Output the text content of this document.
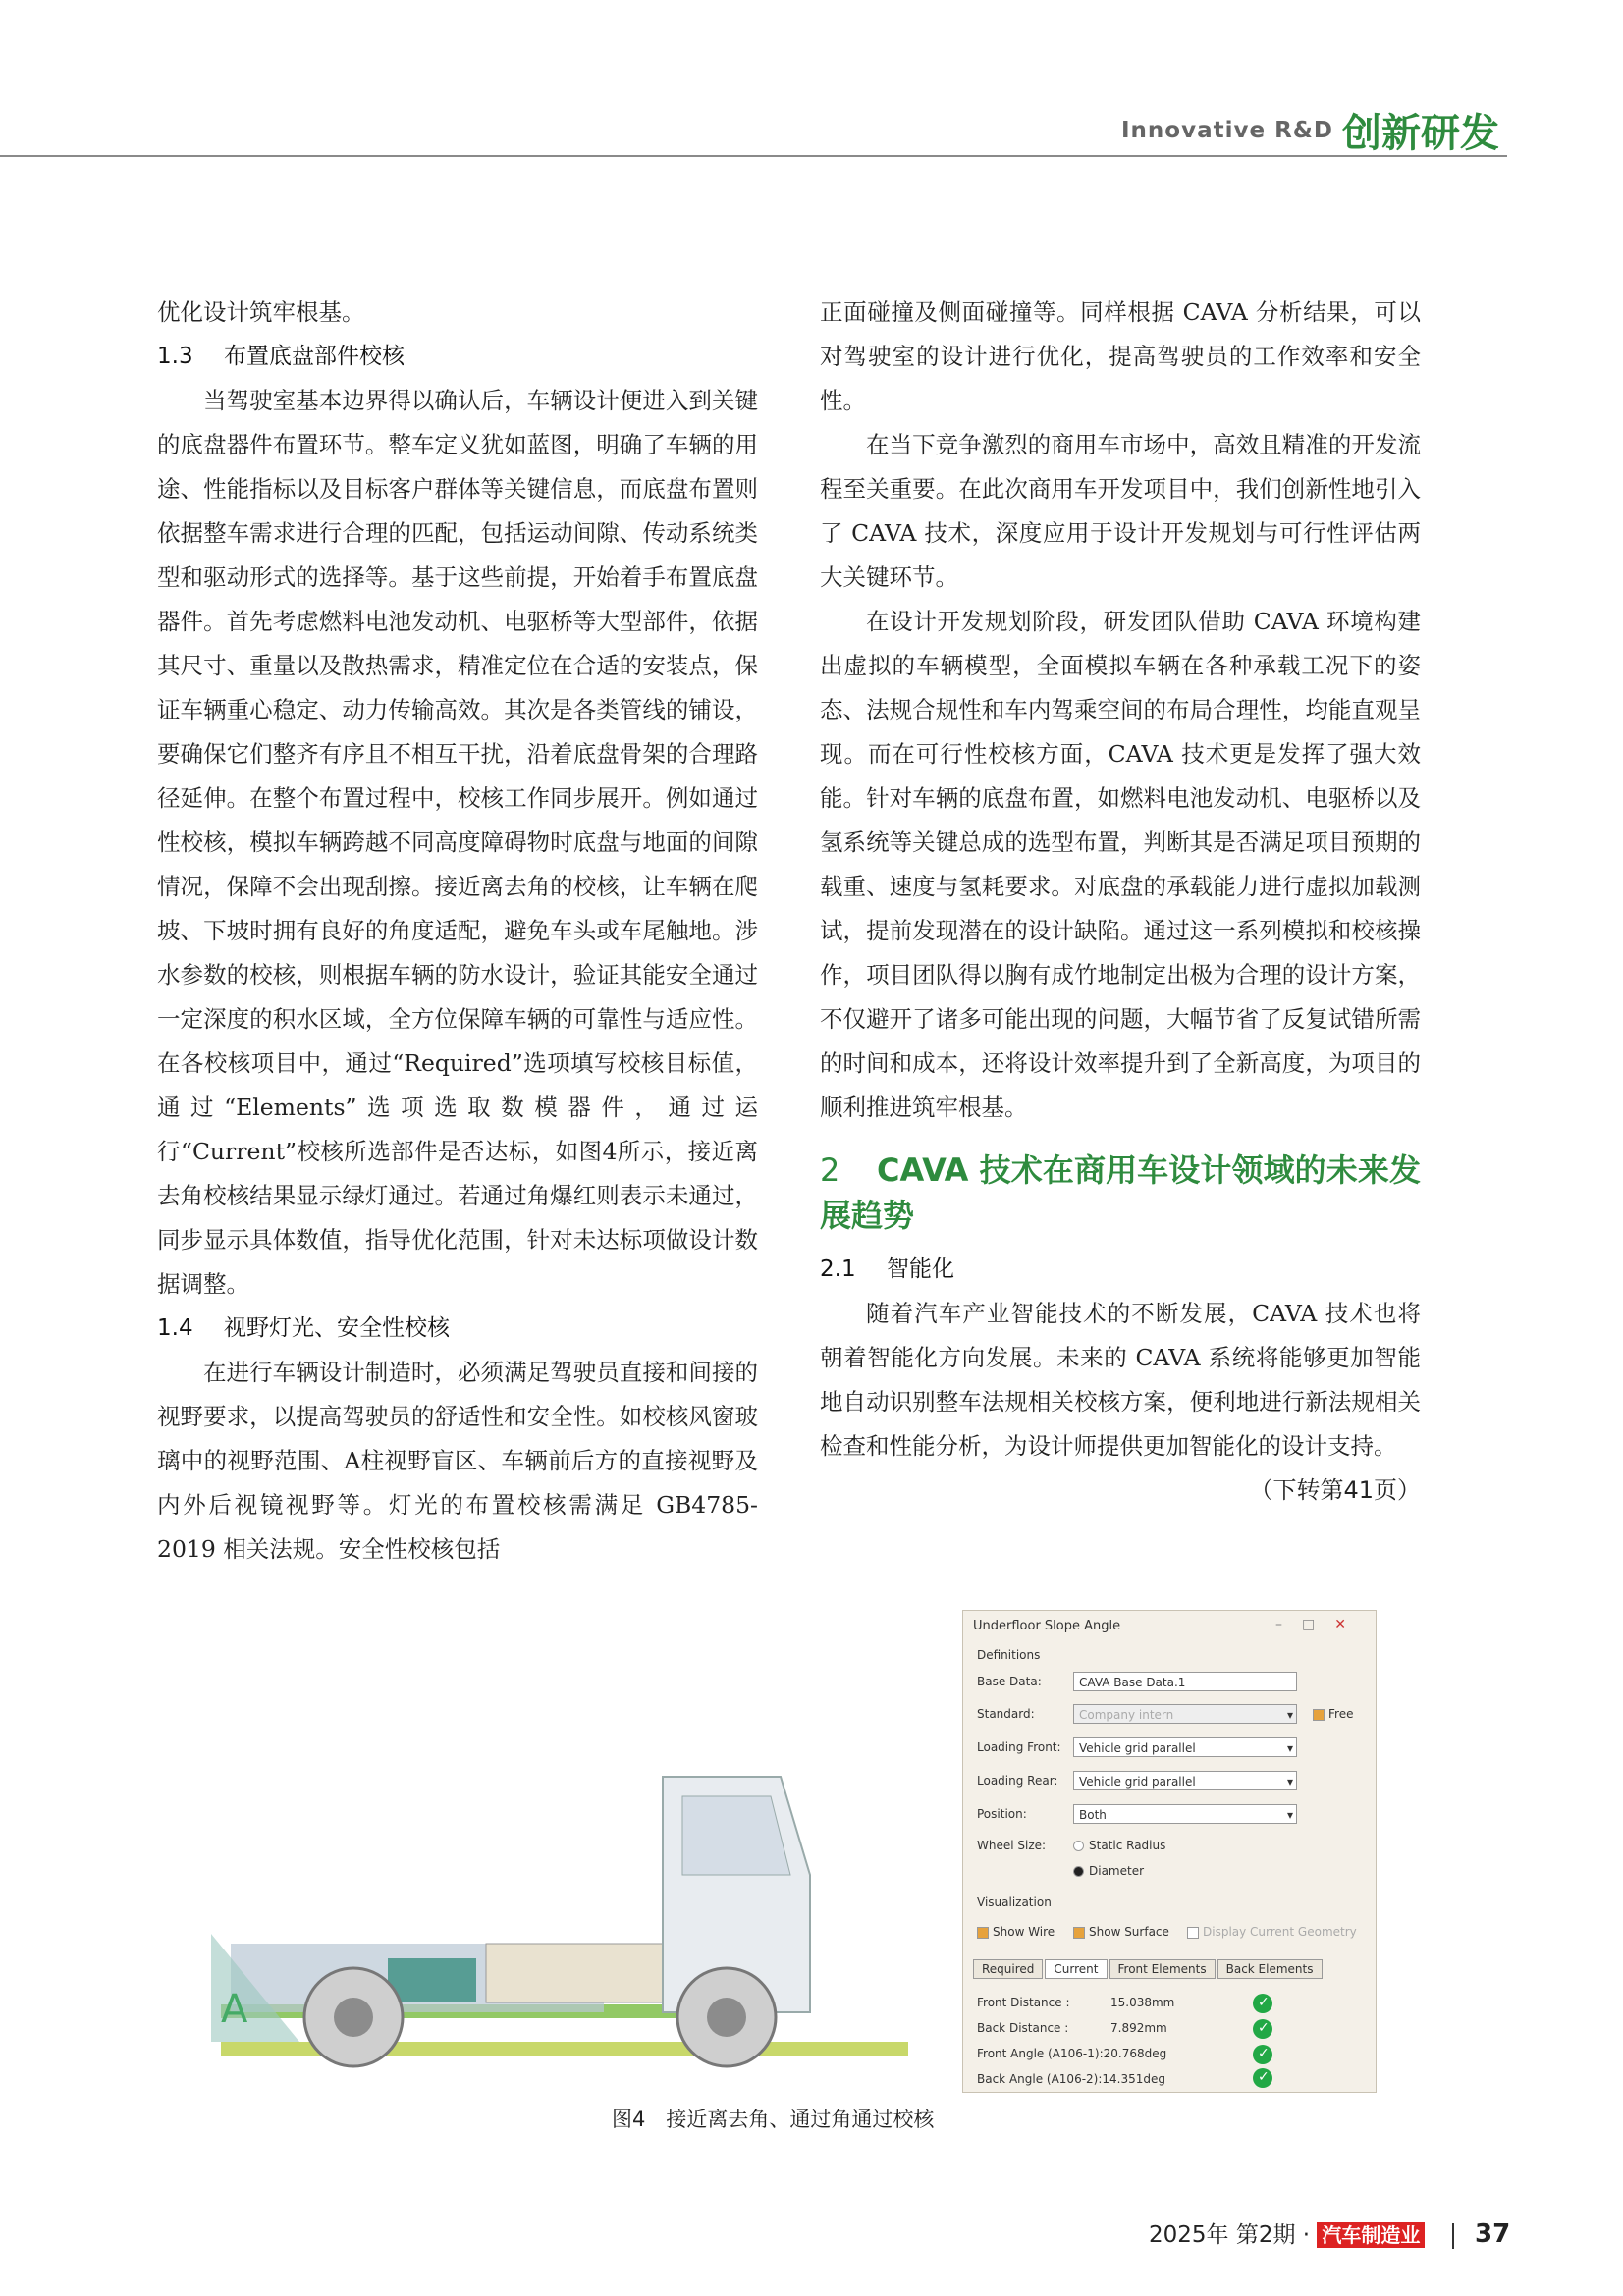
Innovative R&D 创新研发

优化设计筑牢根基。

1.3 布置底盘部件校核

当驾驶室基本边界得以确认后，车辆设计便进入到关键的底盘器件布置环节。整车定义犹如蓝图，明确了车辆的用途、性能指标以及目标客户群体等关键信息，而底盘布置则依据整车需求进行合理的匹配，包括运动间隙、传动系统类型和驱动形式的选择等。基于这些前提，开始着手布置底盘器件。首先考虑燃料电池发动机、电驱桥等大型部件，依据其尺寸、重量以及散热需求，精准定位在合适的安装点，保证车辆重心稳定、动力传输高效。其次是各类管线的铺设，要确保它们整齐有序且不相互干扰，沿着底盘骨架的合理路径延伸。在整个布置过程中，校核工作同步展开。例如通过性校核，模拟车辆跨越不同高度障碍物时底盘与地面的间隙情况，保障不会出现刮擦。接近离去角的校核，让车辆在爬坡、下坡时拥有良好的角度适配，避免车头或车尾触地。涉水参数的校核，则根据车辆的防水设计，验证其能安全通过一定深度的积水区域，全方位保障车辆的可靠性与适应性。在各校核项目中，通过“Required”选项填写校核目标值，通过“Elements”选项选取数模器件，通过运行“Current”校核所选部件是否达标，如图4所示，接近离去角校核结果显示绿灯通过。若通过角爆红则表示未通过，同步显示具体数值，指导优化范围，针对未达标项做设计数据调整。

1.4 视野灯光、安全性校核

在进行车辆设计制造时，必须满足驾驶员直接和间接的视野要求，以提高驾驶员的舒适性和安全性。如校核风窗玻璃中的视野范围、A柱视野盲区、车辆前后方的直接视野及内外后视镜视野等。灯光的布置校核需满足 GB4785-2019 相关法规。安全性校核包括

正面碰撞及侧面碰撞等。同样根据 CAVA 分析结果，可以对驾驶室的设计进行优化，提高驾驶员的工作效率和安全性。

在当下竞争激烈的商用车市场中，高效且精准的开发流程至关重要。在此次商用车开发项目中，我们创新性地引入了 CAVA 技术，深度应用于设计开发规划与可行性评估两大关键环节。

在设计开发规划阶段，研发团队借助 CAVA 环境构建出虚拟的车辆模型，全面模拟车辆在各种承载工况下的姿态、法规合规性和车内驾乘空间的布局合理性，均能直观呈现。而在可行性校核方面，CAVA 技术更是发挥了强大效能。针对车辆的底盘布置，如燃料电池发动机、电驱桥以及氢系统等关键总成的选型布置，判断其是否满足项目预期的载重、速度与氢耗要求。对底盘的承载能力进行虚拟加载测试，提前发现潜在的设计缺陷。通过这一系列模拟和校核操作，项目团队得以胸有成竹地制定出极为合理的设计方案，不仅避开了诸多可能出现的问题，大幅节省了反复试错所需的时间和成本，还将设计效率提升到了全新高度，为项目的顺利推进筑牢根基。

2 CAVA 技术在商用车设计领域的未来发展趋势

2.1 智能化

随着汽车产业智能技术的不断发展，CAVA 技术也将朝着智能化方向发展。未来的 CAVA 系统将能够更加智能地自动识别整车法规相关校核方案，便利地进行新法规相关检查和性能分析，为设计师提供更加智能化的设计支持。

（下转第41页）

A
Underfloor Slope Angle	–□✕
Definitions
Base Data:	CAVA Base Data.1
Standard:	Company intern ▾	Free
Loading Front:	Vehicle grid parallel ▾
Loading Rear:	Vehicle grid parallel ▾
Position:	Both ▾
Wheel Size:	Static Radius
Diameter
Visualization
Show Wire	Show Surface	Display Current Geometry
Required Current Front Elements Back Elements
Front Distance :	15.038mm
✓
Back Distance :	7.892mm
✓
Front Angle (A106-1):20.768deg
✓
Back Angle (A106-2):14.351deg
✓
图4　接近离去角、通过角通过校核
2025年 第2期 · 汽车制造业 37
